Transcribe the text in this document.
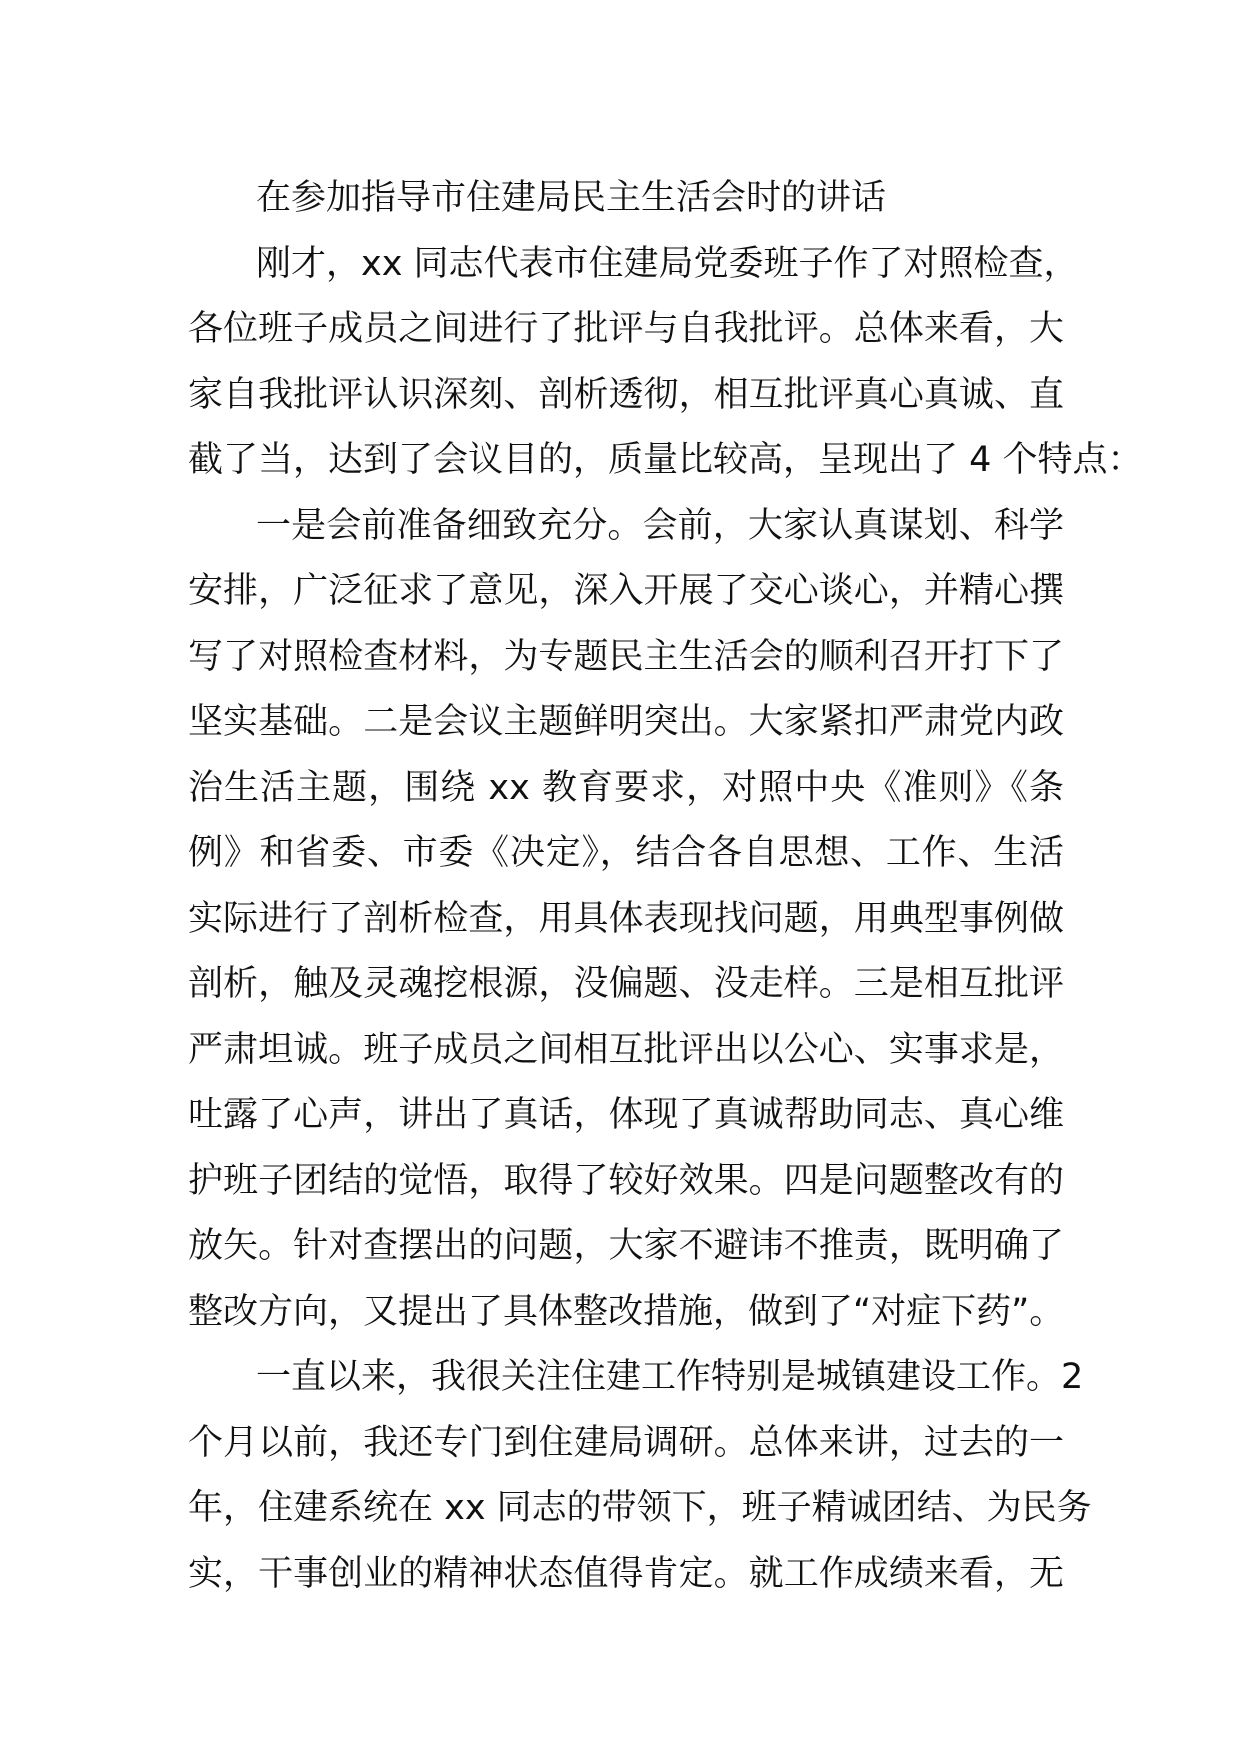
在参加指导市住建局民主生活会时的讲话
刚才，xx 同志代表市住建局党委班子作了对照检查，
各位班子成员之间进行了批评与自我批评。总体来看，大
家自我批评认识深刻、剖析透彻，相互批评真心真诚、直
截了当，达到了会议目的，质量比较高，呈现出了 4 个特点：
一是会前准备细致充分。会前，大家认真谋划、科学
安排，广泛征求了意见，深入开展了交心谈心，并精心撰
写了对照检查材料，为专题民主生活会的顺利召开打下了
坚实基础。二是会议主题鲜明突出。大家紧扣严肃党内政
治生活主题，围绕 xx 教育要求，对照中央《准则》《条
例》和省委、市委《决定》，结合各自思想、工作、生活
实际进行了剖析检查，用具体表现找问题，用典型事例做
剖析，触及灵魂挖根源，没偏题、没走样。三是相互批评
严肃坦诚。班子成员之间相互批评出以公心、实事求是，
吐露了心声，讲出了真话，体现了真诚帮助同志、真心维
护班子团结的觉悟，取得了较好效果。四是问题整改有的
放矢。针对查摆出的问题，大家不避讳不推责，既明确了
整改方向，又提出了具体整改措施，做到了“对症下药”。
一直以来，我很关注住建工作特别是城镇建设工作。2
个月以前，我还专门到住建局调研。总体来讲，过去的一
年，住建系统在 xx 同志的带领下，班子精诚团结、为民务
实，干事创业的精神状态值得肯定。就工作成绩来看，无
